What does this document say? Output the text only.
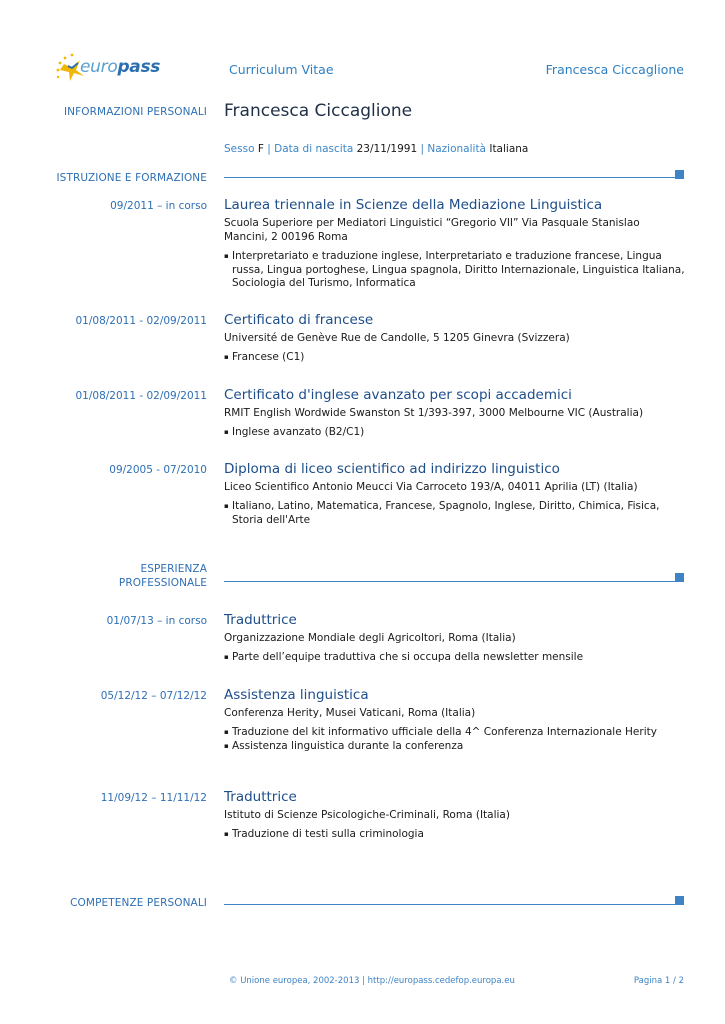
europass	Curriculum Vitae	Francesca Ciccaglione
INFORMAZIONI PERSONALI Francesca Ciccaglione
Sesso F | Data di nascita 23/11/1991 | Nazionalità Italiana
ISTRUZIONE E FORMAZIONE
09/2011 – in corso Laurea triennale in Scienze della Mediazione Linguistica
Scuola Superiore per Mediatori Linguistici “Gregorio VII” Via Pasquale Stanislao Mancini, 2 00196 Roma
▪ Interpretariato e traduzione inglese, Interpretariato e traduzione francese, Lingua russa, Lingua portoghese, Lingua spagnola, Diritto Internazionale, Linguistica Italiana, Sociologia del Turismo, Informatica
01/08/2011 - 02/09/2011 Certificato di francese
Université de Genève Rue de Candolle, 5 1205 Ginevra (Svizzera)
▪ Francese (C1)
01/08/2011 - 02/09/2011 Certificato d'inglese avanzato per scopi accademici
RMIT English Wordwide Swanston St 1/393-397, 3000 Melbourne VIC (Australia)
▪ Inglese avanzato (B2/C1)
09/2005 - 07/2010 Diploma di liceo scientifico ad indirizzo linguistico
Liceo Scientifico Antonio Meucci Via Carroceto 193/A, 04011 Aprilia (LT) (Italia)
▪ Italiano, Latino, Matematica, Francese, Spagnolo, Inglese, Diritto, Chimica, Fisica, Storia dell'Arte
ESPERIENZA
PROFESSIONALE
01/07/13 – in corso Traduttrice
Organizzazione Mondiale degli Agricoltori, Roma (Italia)
▪ Parte dell’equipe traduttiva che si occupa della newsletter mensile
05/12/12 – 07/12/12 Assistenza linguistica
Conferenza Herity, Musei Vaticani, Roma (Italia)
▪ Traduzione del kit informativo ufficiale della 4^ Conferenza Internazionale Herity
▪ Assistenza linguistica durante la conferenza
11/09/12 – 11/11/12 Traduttrice
Istituto di Scienze Psicologiche-Criminali, Roma (Italia)
▪ Traduzione di testi sulla criminologia
COMPETENZE PERSONALI
© Unione europea, 2002-2013 | http://europass.cedefop.europa.eu	Pagina 1 / 2
